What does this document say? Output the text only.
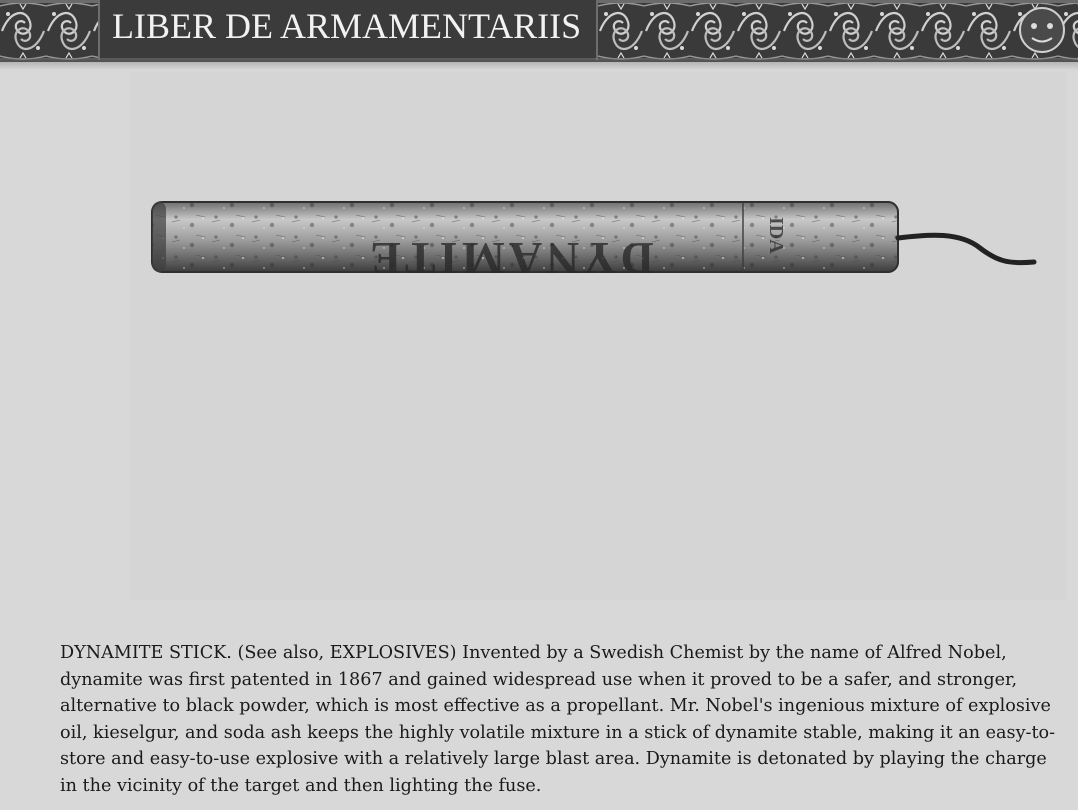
LIBER DE ARMAMENTARIIS
DYNAMITE	IDA

DYNAMITE STICK. (See also, EXPLOSIVES) Invented by a Swedish Chemist by the name of Alfred Nobel, dynamite was first patented in 1867 and gained widespread use when it proved to be a safer, and stronger, alternative to black powder, which is most effective as a propellant. Mr. Nobel's ingenious mixture of explosive oil, kieselgur, and soda ash keeps the highly volatile mixture in a stick of dynamite stable, making it an easy-to-store and easy-to-use explosive with a relatively large blast area. Dynamite is detonated by playing the charge in the vicinity of the target and then lighting the fuse.
